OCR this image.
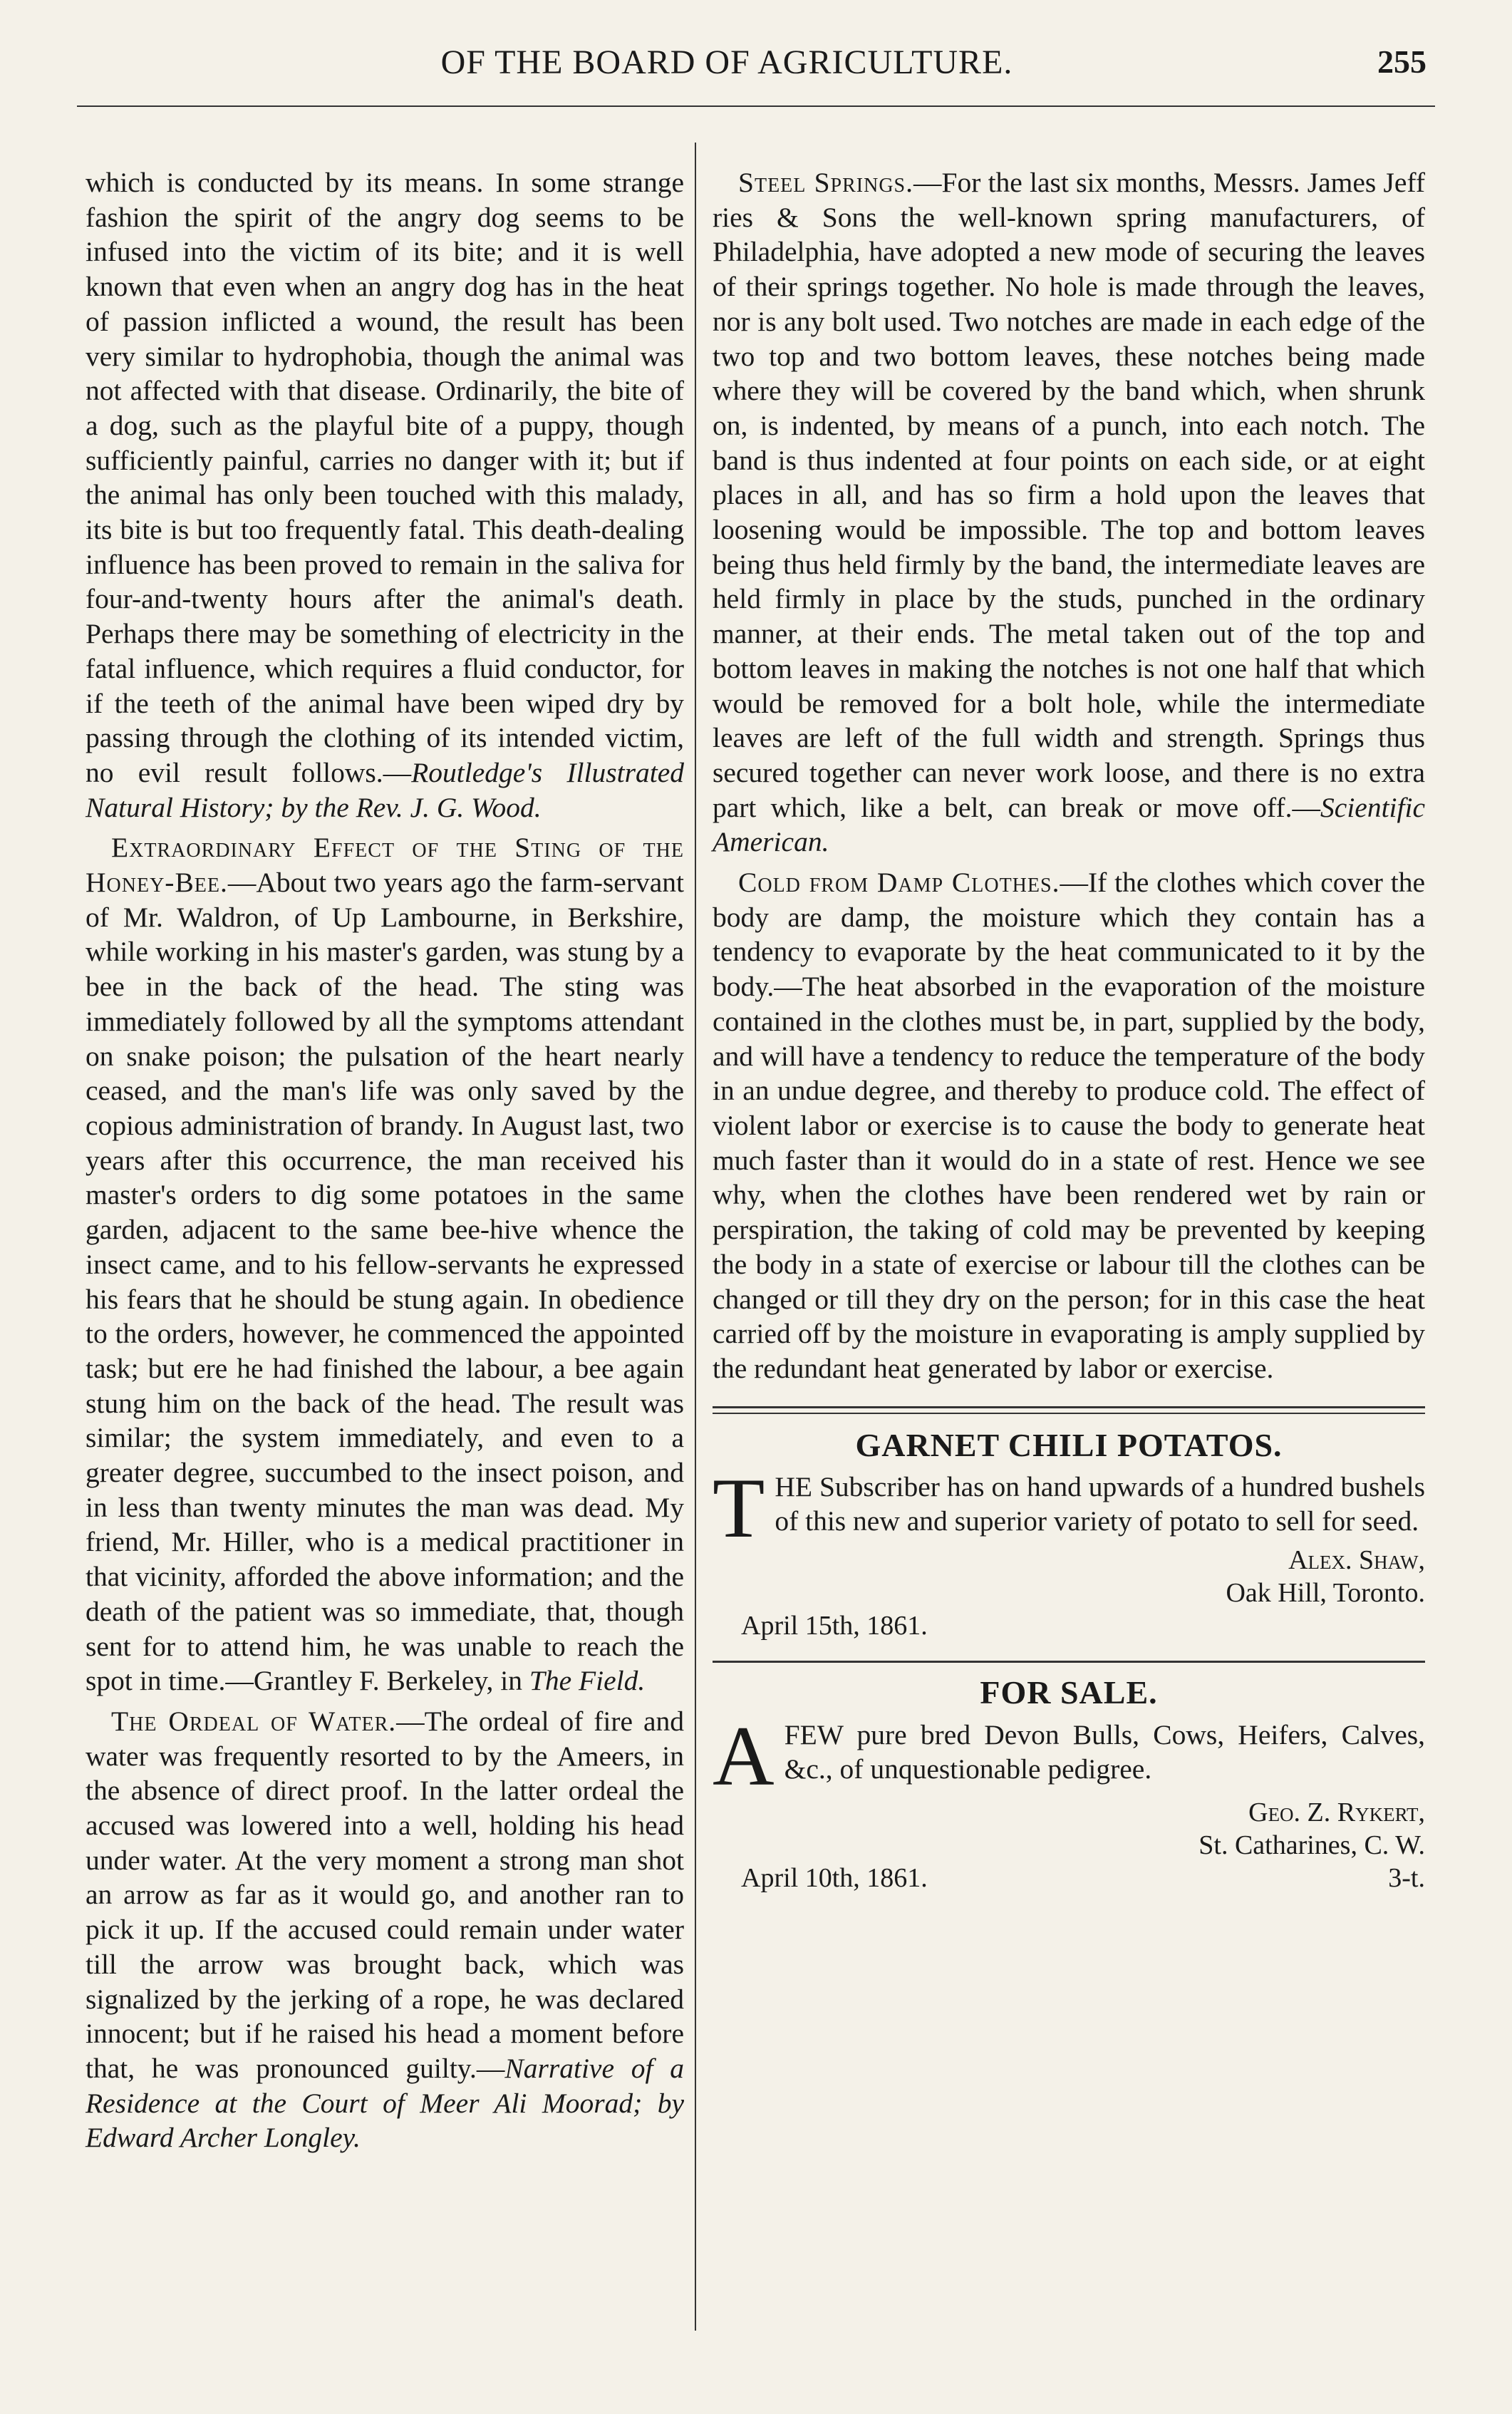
OF THE BOARD OF AGRICULTURE.	255

which is conducted by its means. In some strange fashion the spirit of the angry dog seems to be infused into the victim of its bite; and it is well known that even when an angry dog has in the heat of passion inflicted a wound, the result has been very similar to hydrophobia, though the animal was not affected with that disease. Ordinarily, the bite of a dog, such as the playful bite of a puppy, though sufficiently painful, carries no danger with it; but if the animal has only been touched with this malady, its bite is but too frequently fatal. This death-dealing influence has been proved to remain in the saliva for four-and-twenty hours after the animal's death. Perhaps there may be something of electricity in the fatal influence, which requires a fluid conductor, for if the teeth of the animal have been wiped dry by passing through the clothing of its intended victim, no evil result follows.—Routledge's Illustrated Natural History; by the Rev. J. G. Wood.

Extraordinary Effect of the Sting of the Honey-Bee.—About two years ago the farm-servant of Mr. Waldron, of Up Lambourne, in Berkshire, while working in his master's garden, was stung by a bee in the back of the head. The sting was immediately followed by all the symptoms attendant on snake poison; the pulsation of the heart nearly ceased, and the man's life was only saved by the copious administration of brandy. In August last, two years after this occurrence, the man received his master's orders to dig some potatoes in the same garden, adjacent to the same bee-hive whence the insect came, and to his fellow-servants he expressed his fears that he should be stung again. In obedience to the orders, however, he commenced the appointed task; but ere he had finished the labour, a bee again stung him on the back of the head. The result was similar; the system immediately, and even to a greater degree, succumbed to the insect poison, and in less than twenty minutes the man was dead. My friend, Mr. Hiller, who is a medical practitioner in that vicinity, afforded the above information; and the death of the patient was so immediate, that, though sent for to attend him, he was unable to reach the spot in time.—Grantley F. Berkeley, in The Field.

The Ordeal of Water.—The ordeal of fire and water was frequently resorted to by the Ameers, in the absence of direct proof. In the latter ordeal the accused was lowered into a well, holding his head under water. At the very moment a strong man shot an arrow as far as it would go, and another ran to pick it up. If the accused could remain under water till the arrow was brought back, which was signalized by the jerking of a rope, he was declared innocent; but if he raised his head a moment before that, he was pronounced guilty.—Narrative of a Residence at the Court of Meer Ali Moorad; by Edward Archer Longley.

Steel Springs.—For the last six months, Messrs. James Jeff ries & Sons the well-known spring manufacturers, of Philadelphia, have adopted a new mode of securing the leaves of their springs together. No hole is made through the leaves, nor is any bolt used. Two notches are made in each edge of the two top and two bottom leaves, these notches being made where they will be covered by the band which, when shrunk on, is indented, by means of a punch, into each notch. The band is thus indented at four points on each side, or at eight places in all, and has so firm a hold upon the leaves that loosening would be impossible. The top and bottom leaves being thus held firmly by the band, the intermediate leaves are held firmly in place by the studs, punched in the ordinary manner, at their ends. The metal taken out of the top and bottom leaves in making the notches is not one half that which would be removed for a bolt hole, while the intermediate leaves are left of the full width and strength. Springs thus secured together can never work loose, and there is no extra part which, like a belt, can break or move off.—Scientific American.

Cold from Damp Clothes.—If the clothes which cover the body are damp, the moisture which they contain has a tendency to evaporate by the heat communicated to it by the body.—The heat absorbed in the evaporation of the moisture contained in the clothes must be, in part, supplied by the body, and will have a tendency to reduce the temperature of the body in an undue degree, and thereby to produce cold. The effect of violent labor or exercise is to cause the body to generate heat much faster than it would do in a state of rest. Hence we see why, when the clothes have been rendered wet by rain or perspiration, the taking of cold may be prevented by keeping the body in a state of exercise or labour till the clothes can be changed or till they dry on the person; for in this case the heat carried off by the moisture in evaporating is amply supplied by the redundant heat generated by labor or exercise.

GARNET CHILI POTATOS.
THE Subscriber has on hand upwards of a hundred bushels of this new and superior variety of potato to sell for seed.
Alex. Shaw,
Oak Hill, Toronto.
April 15th, 1861.
FOR SALE.
AFEW pure bred Devon Bulls, Cows, Heifers, Calves, &c., of unquestionable pedigree.
Geo. Z. Rykert,
St. Catharines, C. W.
April 10th, 1861.	3-t.
